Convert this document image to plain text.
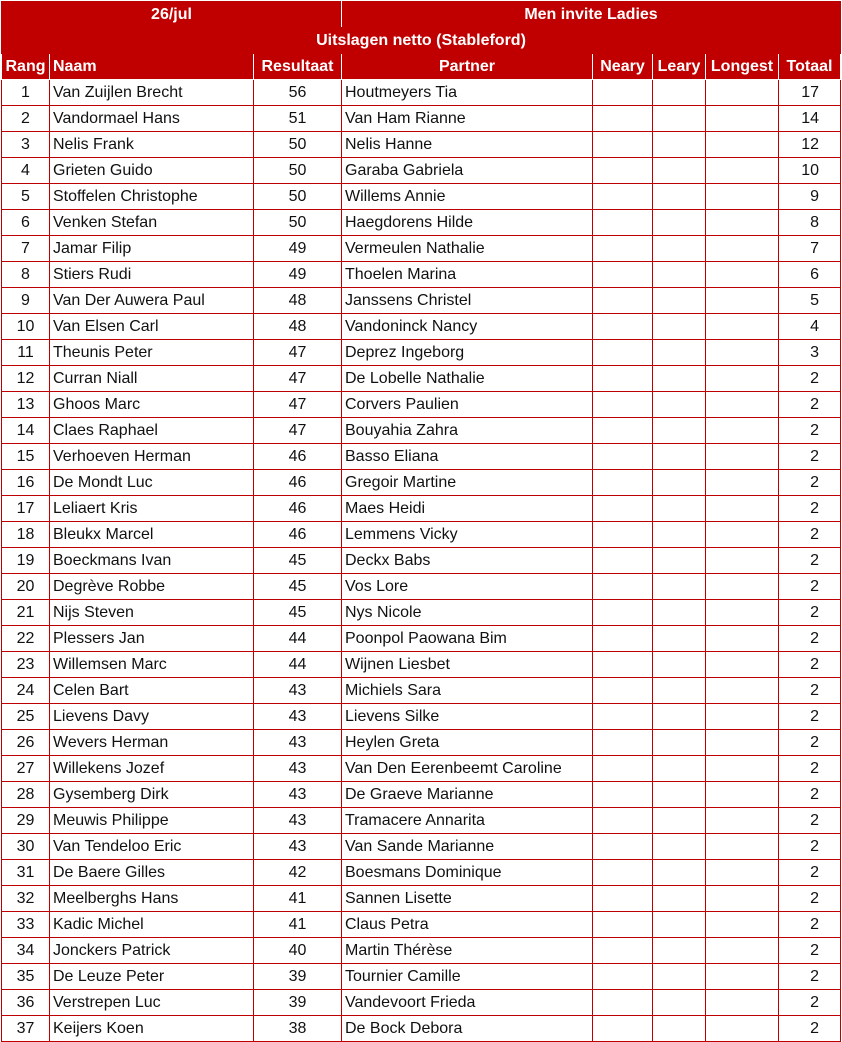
26/jul			Men invite Ladies				
Uitslagen netto (Stableford)							
Rang	Naam	Resultaat	Partner	Neary	Leary	Longest	Totaal
1	Van Zuijlen Brecht	56	Houtmeyers Tia				17
2	Vandormael Hans	51	Van Ham Rianne				14
3	Nelis Frank	50	Nelis Hanne				12
4	Grieten Guido	50	Garaba Gabriela				10
5	Stoffelen Christophe	50	Willems Annie				9
6	Venken Stefan	50	Haegdorens Hilde				8
7	Jamar Filip	49	Vermeulen Nathalie				7
8	Stiers Rudi	49	Thoelen Marina				6
9	Van Der Auwera Paul	48	Janssens Christel				5
10	Van Elsen Carl	48	Vandoninck Nancy				4
11	Theunis Peter	47	Deprez Ingeborg				3
12	Curran Niall	47	De Lobelle Nathalie				2
13	Ghoos Marc	47	Corvers Paulien				2
14	Claes Raphael	47	Bouyahia Zahra				2
15	Verhoeven Herman	46	Basso Eliana				2
16	De Mondt Luc	46	Gregoir Martine				2
17	Leliaert Kris	46	Maes Heidi				2
18	Bleukx Marcel	46	Lemmens Vicky				2
19	Boeckmans Ivan	45	Deckx Babs				2
20	Degrève Robbe	45	Vos Lore				2
21	Nijs Steven	45	Nys Nicole				2
22	Plessers Jan	44	Poonpol Paowana Bim				2
23	Willemsen Marc	44	Wijnen Liesbet				2
24	Celen Bart	43	Michiels Sara				2
25	Lievens Davy	43	Lievens Silke				2
26	Wevers Herman	43	Heylen Greta				2
27	Willekens Jozef	43	Van Den Eerenbeemt Caroline				2
28	Gysemberg Dirk	43	De Graeve Marianne				2
29	Meuwis Philippe	43	Tramacere Annarita				2
30	Van Tendeloo Eric	43	Van Sande Marianne				2
31	De Baere Gilles	42	Boesmans Dominique				2
32	Meelberghs Hans	41	Sannen Lisette				2
33	Kadic Michel	41	Claus Petra				2
34	Jonckers Patrick	40	Martin Thérèse				2
35	De Leuze Peter	39	Tournier Camille				2
36	Verstrepen Luc	39	Vandevoort Frieda				2
37	Keijers Koen	38	De Bock Debora				2
